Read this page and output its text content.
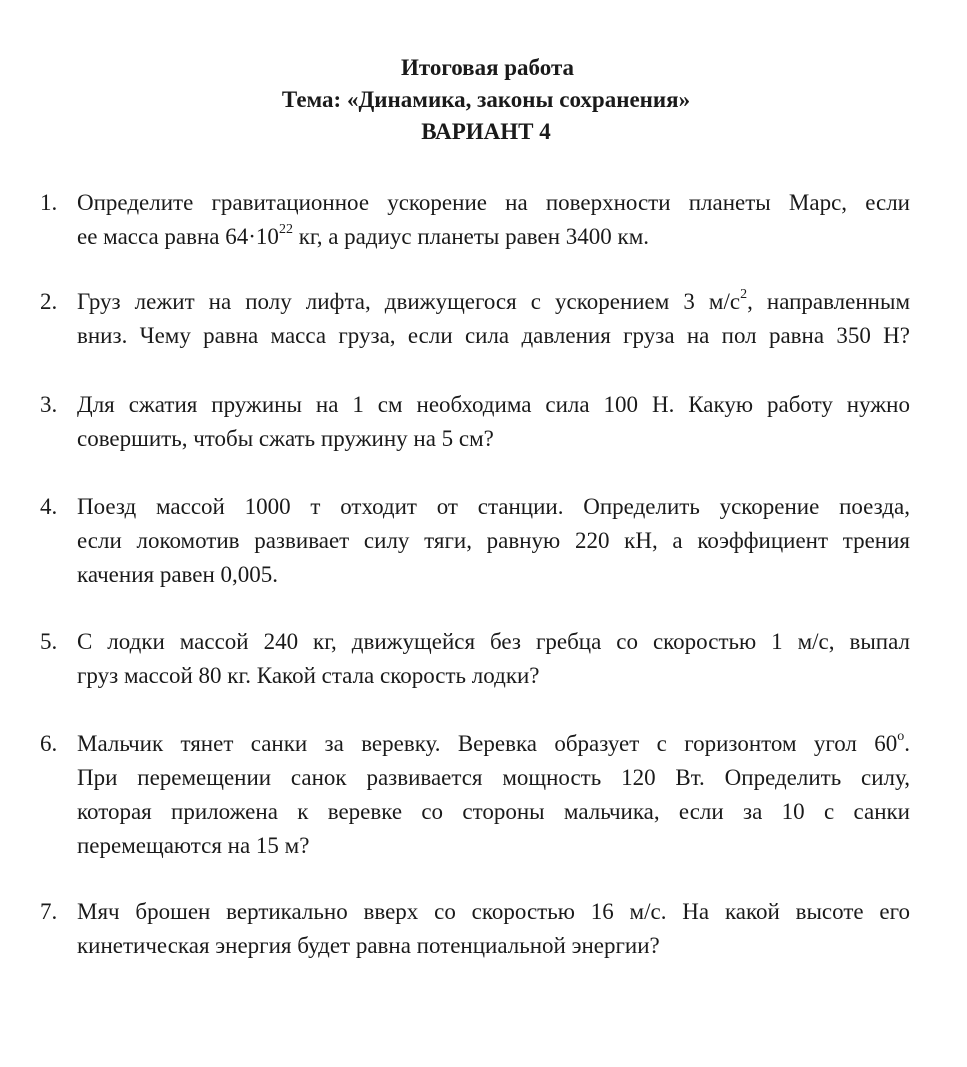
Итоговая работа
Тема: «Динамика, законы сохранения»
ВАРИАНТ 4
1. Определите гравитационное ускорение на поверхности планеты Марс, если
ее масса равна $64\cdot 10^{22}$ кг, а радиус планеты равен 3400 км.
2. Груз лежит на полу лифта, движущегося с ускорением 3 $м/с^2$, направленным
вниз. Чему равна масса груза, если сила давления груза на пол равна 350 Н?
3. Для сжатия пружины на 1 см необходима сила 100 Н. Какую работу нужно
совершить, чтобы сжать пружину на 5 см?
4. Поезд массой 1000 т отходит от станции. Определить ускорение поезда,
если локомотив развивает силу тяги, равную 220 кН, а коэффициент трения
качения равен 0,005.
5. С лодки массой 240 кг, движущейся без гребца со скоростью 1 м/с, выпал
груз массой 80 кг. Какой стала скорость лодки?
6. Мальчик тянет санки за веревку. Веревка образует с горизонтом угол $60^о$.
При перемещении санок развивается мощность 120 Вт. Определить силу,
которая приложена к веревке со стороны мальчика, если за 10 с санки
перемещаются на 15 м?
7. Мяч брошен вертикально вверх со скоростью 16 м/с. На какой высоте его
кинетическая энергия будет равна потенциальной энергии?
